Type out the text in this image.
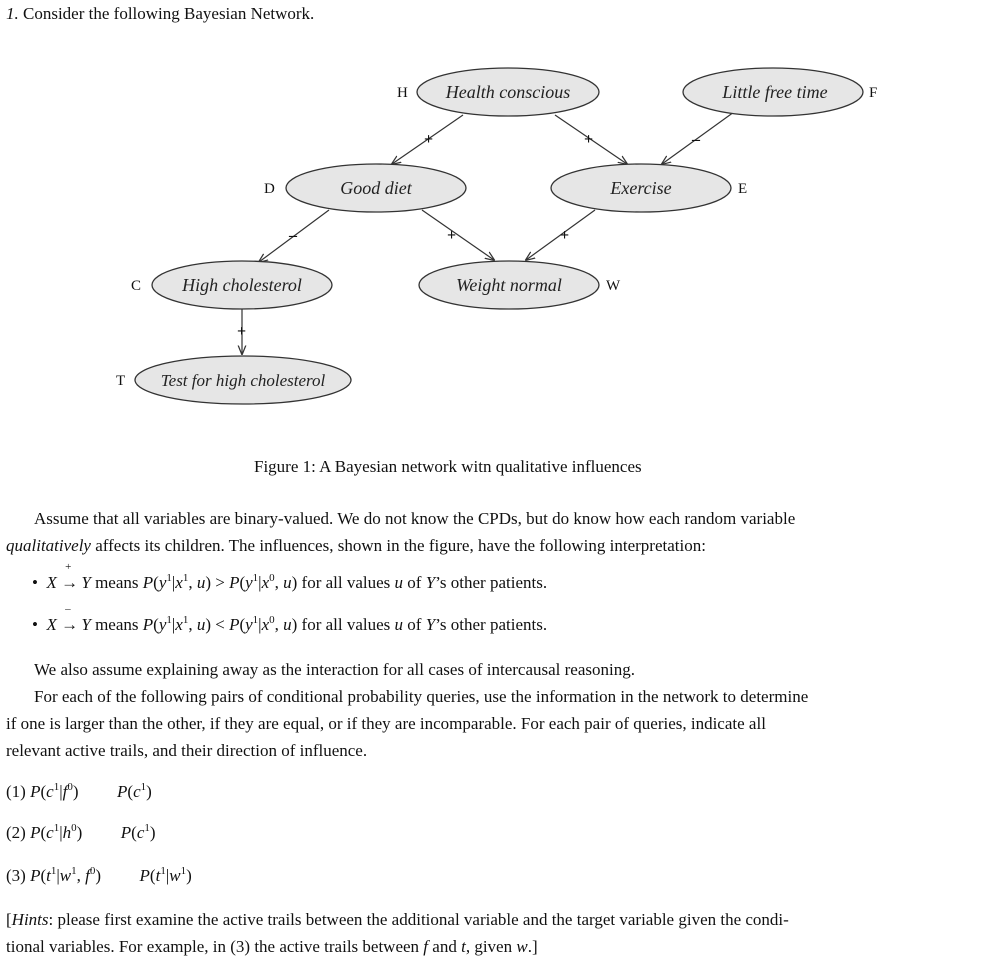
1. Consider the following Bayesian Network.
+	+	–
–	+	+
+
Health conscious	Little free time
Good diet	Exercise
High cholesterol	Weight normal
Test for high cholesterol
H	F
D	E
C	W
T
Figure 1: A Bayesian network witn qualitative influences
Assume that all variables are binary-valued. We do not know the CPDs, but do know how each random variable
qualitatively affects its children. The influences, shown in the figure, have the following interpretation:
• X
+
→ Y means $P(y^1|x^1$, $u) > P(y^1|x^0$, u) for all values u of Y’s other patients.
• X
–
→ Y means $P(y^1|x^1$, $u) < P(y^1|x^0$, u) for all values u of Y’s other patients.
We also assume explaining away as the interaction for all cases of intercausal reasoning.
For each of the following pairs of conditional probability queries, use the information in the network to determine
if one is larger than the other, if they are equal, or if they are incomparable. For each pair of queries, indicate all
relevant active trails, and their direction of influence.
(1) $P(c^1|f^0)$  $P(c^1)$
(2) $P(c^1|h^0)$  $P(c^1)$
(3) $P(t^1|w^1$, $f^0$)  $P(t^1|w^1)$
[Hints: please first examine the active trails between the additional variable and the target variable given the condi-
tional variables. For example, in (3) the active trails between f and t, given w.]
